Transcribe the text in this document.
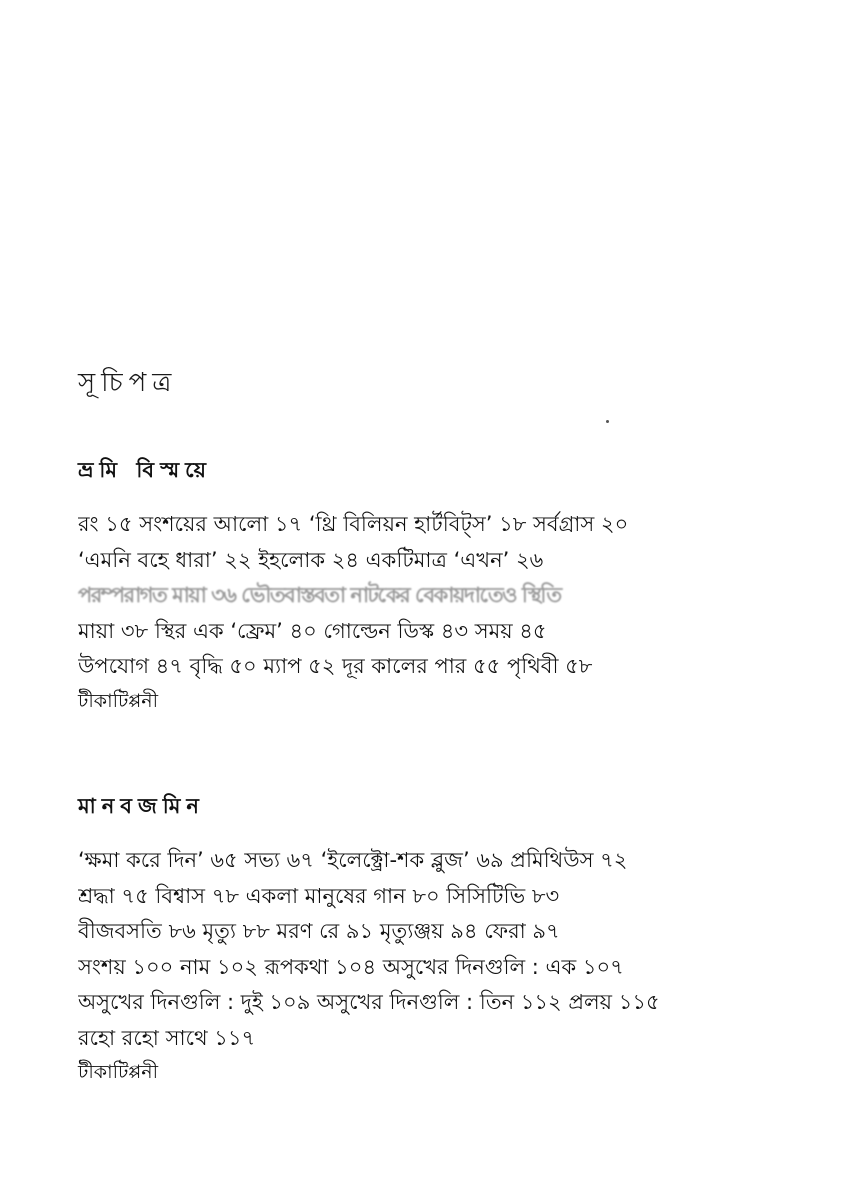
সূচিপত্র
ভ্রমি বিস্ময়ে
রং ১৫ সংশয়ের আলো ১৭ ‘থ্রি বিলিয়ন হার্টবিট্‌স’ ১৮ সর্বগ্রাস ২০
‘এমনি বহে ধারা’ ২২ ইহলোক ২৪ একটিমাত্র ‘এখন’ ২৬
পরম্পরাগত মায়া ৩৬ ভৌতবাস্তবতা নাটকের বেকায়দাতেও স্থিতি
মায়া ৩৮ স্থির এক ‘ফ্রেম’ ৪০ গোল্ডেন ডিস্ক ৪৩ সময় ৪৫
উপযোগ ৪৭ বৃদ্ধি ৫০ ম্যাপ ৫২ দূর কালের পার ৫৫ পৃথিবী ৫৮
টীকাটিপ্পনী
মানবজমিন
‘ক্ষমা করে দিন’ ৬৫ সভ্য ৬৭ ‘ইলেক্ট্রো-শক ব্লুজ’ ৬৯ প্রমিথিউস ৭২
শ্রদ্ধা ৭৫ বিশ্বাস ৭৮ একলা মানুষের গান ৮০ সিসিটিভি ৮৩
বীজবসতি ৮৬ মৃত্যু ৮৮ মরণ রে ৯১ মৃত্যুঞ্জয় ৯৪ ফেরা ৯৭
সংশয় ১০০ নাম ১০২ রূপকথা ১০৪ অসুখের দিনগুলি : এক ১০৭
অসুখের দিনগুলি : দুই ১০৯ অসুখের দিনগুলি : তিন ১১২ প্রলয় ১১৫
রহো রহো সাথে ১১৭
টীকাটিপ্পনী
